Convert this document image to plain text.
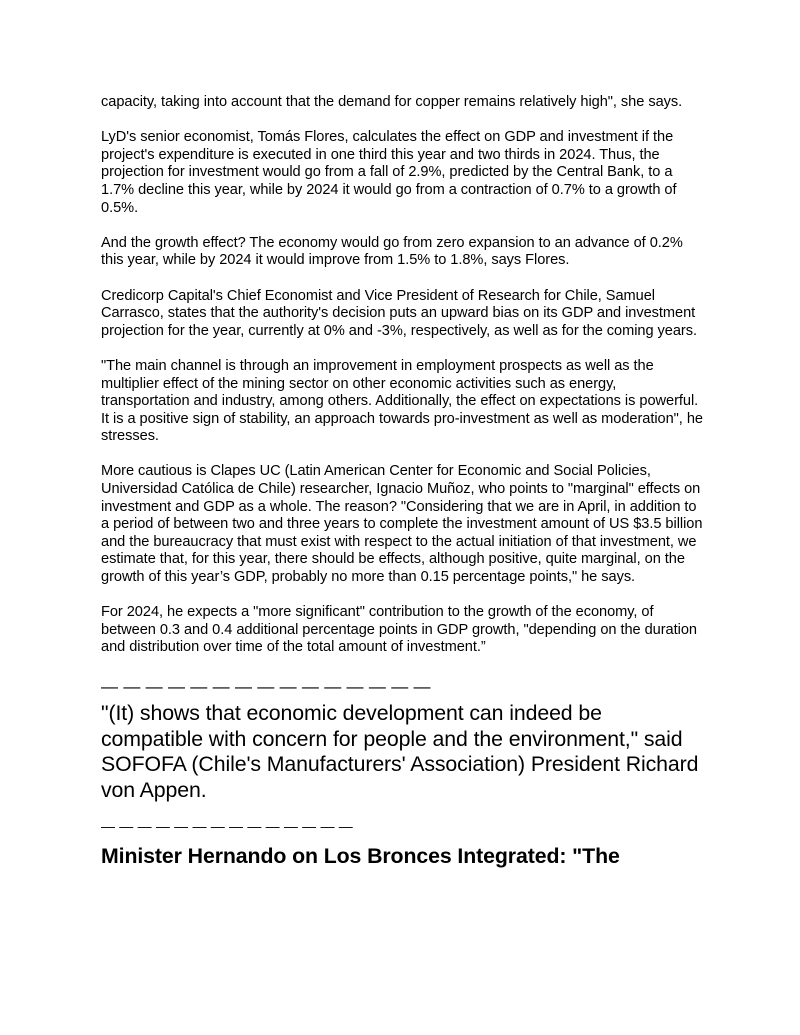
capacity, taking into account that the demand for copper remains relatively high", she says.

LyD's senior economist, Tomás Flores, calculates the effect on GDP and investment if the project's expenditure is executed in one third this year and two thirds in 2024. Thus, the projection for investment would go from a fall of 2.9%, predicted by the Central Bank, to a 1.7% decline this year, while by 2024 it would go from a contraction of 0.7% to a growth of 0.5%.

And the growth effect? The economy would go from zero expansion to an advance of 0.2% this year, while by 2024 it would improve from 1.5% to 1.8%, says Flores.

Credicorp Capital's Chief Economist and Vice President of Research for Chile, Samuel Carrasco, states that the authority's decision puts an upward bias on its GDP and investment projection for the year, currently at 0% and -3%, respectively, as well as for the coming years.

"The main channel is through an improvement in employment prospects as well as the multiplier effect of the mining sector on other economic activities such as energy, transportation and industry, among others. Additionally, the effect on expectations is powerful. It is a positive sign of stability, an approach towards pro-investment as well as moderation", he stresses.

More cautious is Clapes UC (Latin American Center for Economic and Social Policies, Universidad Católica de Chile) researcher, Ignacio Muñoz, who points to "marginal" effects on investment and GDP as a whole. The reason? "Considering that we are in April, in addition to a period of between two and three years to complete the investment amount of US $3.5 billion and the bureaucracy that must exist with respect to the actual initiation of that investment, we estimate that, for this year, there should be effects, although positive, quite marginal, on the growth of this year’s GDP, probably no more than 0.15 percentage points," he says.

For 2024, he expects a "more significant" contribution to the growth of the economy, of between 0.3 and 0.4 additional percentage points in GDP growth, "depending on the duration and distribution over time of the total amount of investment.”

— — — — — — — — — — — — — — —

"(It) shows that economic development can indeed be compatible with concern for people and the environment," said SOFOFA (Chile's Manufacturers' Association) President Richard von Appen.

— — — — — — — — — — — — — —
Minister Hernando on Los Bronces Integrated: "The
